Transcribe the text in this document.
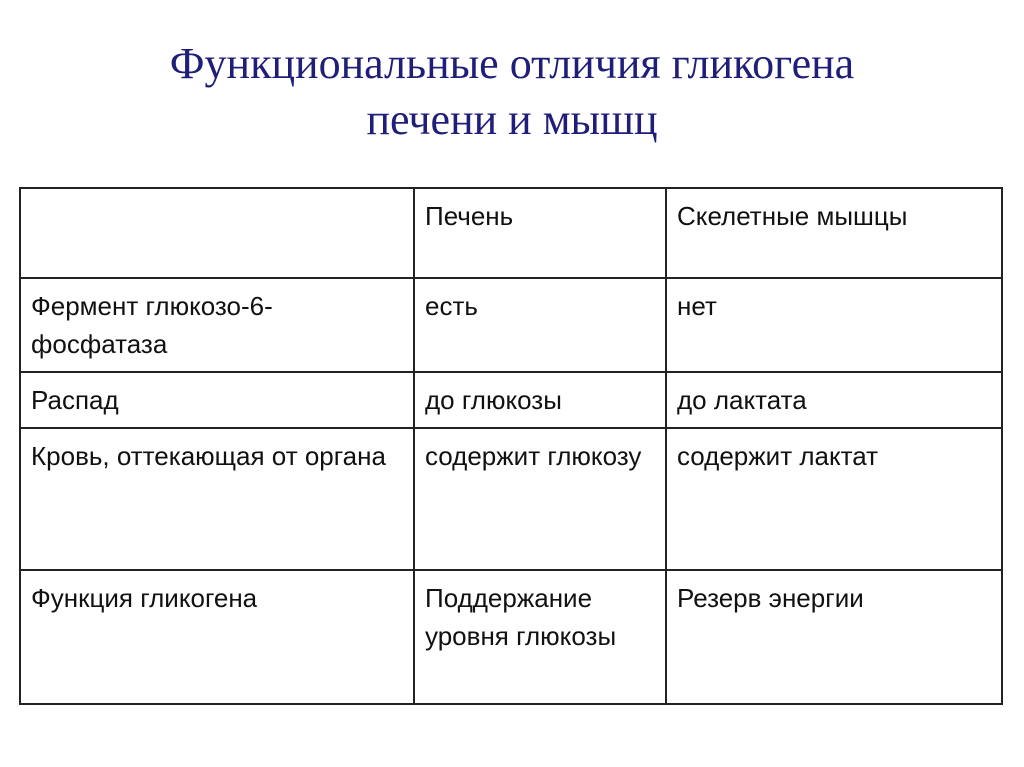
Функциональные отличия гликогена
печени и мышц
	Печень	Скелетные мышцы
Фермент глюкозо-6-фосфатаза	есть	нет
Распад	до глюкозы	до лактата
Кровь, оттекающая от органа	содержит глюкозу	содержит лактат
Функция гликогена	Поддержание уровня глюкозы	Резерв энергии
